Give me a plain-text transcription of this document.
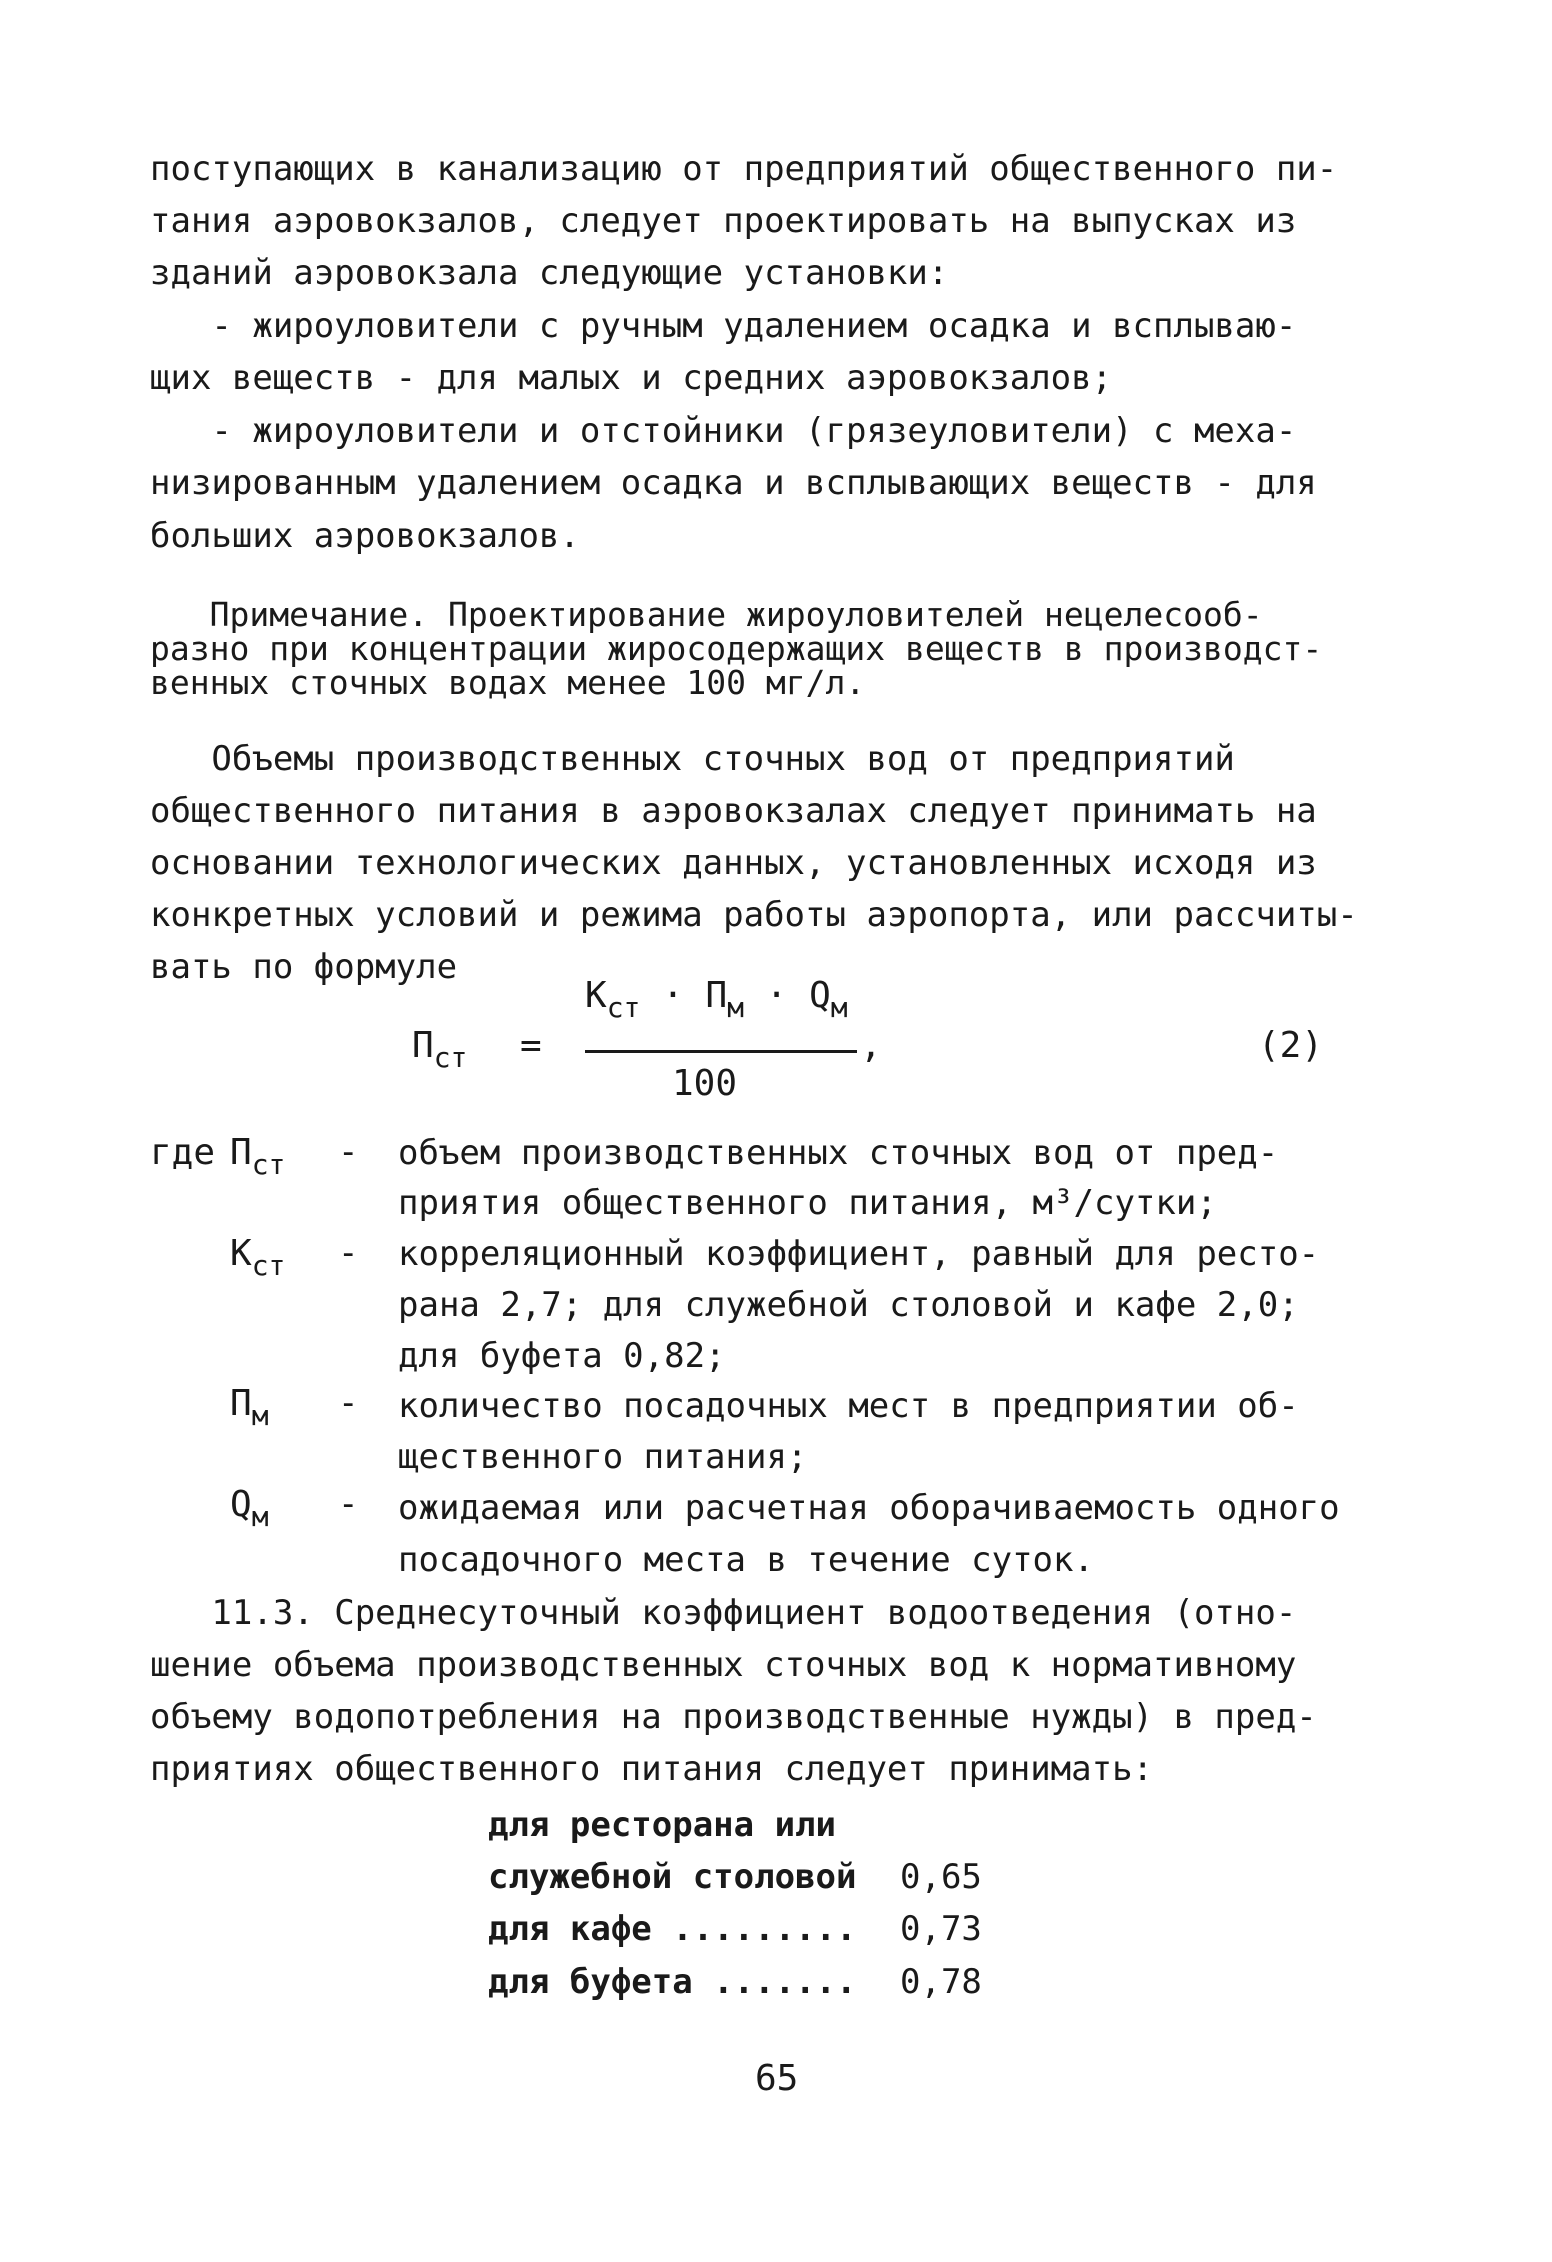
поступающих в канализацию от предприятий общественного пи-
тания аэровокзалов, следует проектировать на выпусках из
зданий аэровокзала следующие установки:
- жироуловители с ручным удалением осадка и всплываю-
щих веществ - для малых и средних аэровокзалов;
- жироуловители и отстойники (грязеуловители) с меха-
низированным удалением осадка и всплывающих веществ - для
больших аэровокзалов.
Примечание. Проектирование жироуловителей нецелесооб-
разно при концентрации жиросодержащих веществ в производст-
венных сточных водах менее 100 мг/л.
Объемы производственных сточных вод от предприятий
общественного питания в аэровокзалах следует принимать на
основании технологических данных, установленных исходя из
конкретных условий и режима работы аэропорта, или рассчиты-
вать по формуле
$П_{ст}$ =
$К_{ст} \cdot П_м \cdot Q_м$
,
100
(2)
где $П_{ст}$ - объем производственных сточных вод от пред-
приятия общественного питания, м³/сутки;
$К_{ст}$ - корреляционный коэффициент, равный для ресто-
рана 2,7; для служебной столовой и кафе 2,0;
для буфета 0,82;
$П_м$ - количество посадочных мест в предприятии об-
щественного питания;
$Q_м$ - ожидаемая или расчетная оборачиваемость одного
посадочного места в течение суток.
11.3. Среднесуточный коэффициент водоотведения (отно-
шение объема производственных сточных вод к нормативному
объему водопотребления на производственные нужды) в пред-
приятиях общественного питания следует принимать:
для ресторана или
служебной столовой 0,65
для кафе ......... 0,73
для буфета ....... 0,78
65
